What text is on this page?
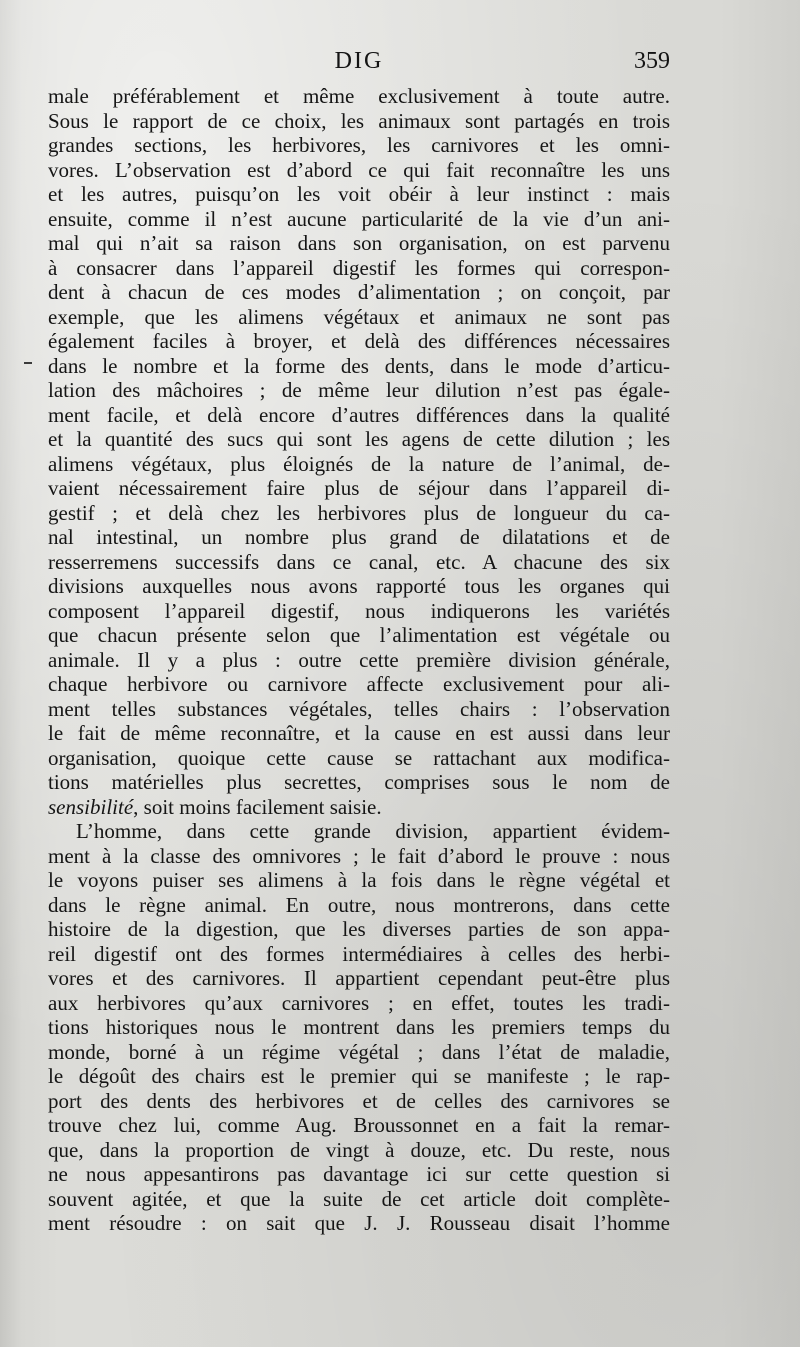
DIG	359
male préférablement et même exclusivement à toute autre.
Sous le rapport de ce choix, les animaux sont partagés en trois
grandes sections, les herbivores, les carnivores et les omni-
vores. L’observation est d’abord ce qui fait reconnaître les uns
et les autres, puisqu’on les voit obéir à leur instinct : mais
ensuite, comme il n’est aucune particularité de la vie d’un ani-
mal qui n’ait sa raison dans son organisation, on est parvenu
à consacrer dans l’appareil digestif les formes qui correspon-
dent à chacun de ces modes d’alimentation ; on conçoit, par
exemple, que les alimens végétaux et animaux ne sont pas
également faciles à broyer, et delà des différences nécessaires
dans le nombre et la forme des dents, dans le mode d’articu-
lation des mâchoires ; de même leur dilution n’est pas égale-
ment facile, et delà encore d’autres différences dans la qualité
et la quantité des sucs qui sont les agens de cette dilution ; les
alimens végétaux, plus éloignés de la nature de l’animal, de-
vaient nécessairement faire plus de séjour dans l’appareil di-
gestif ; et delà chez les herbivores plus de longueur du ca-
nal intestinal, un nombre plus grand de dilatations et de
resserremens successifs dans ce canal, etc. A chacune des six
divisions auxquelles nous avons rapporté tous les organes qui
composent l’appareil digestif, nous indiquerons les variétés
que chacun présente selon que l’alimentation est végétale ou
animale. Il y a plus : outre cette première division générale,
chaque herbivore ou carnivore affecte exclusivement pour ali-
ment telles substances végétales, telles chairs : l’observation
le fait de même reconnaître, et la cause en est aussi dans leur
organisation, quoique cette cause se rattachant aux modifica-
tions matérielles plus secrettes, comprises sous le nom de
sensibilité, soit moins facilement saisie.
L’homme, dans cette grande division, appartient évidem-
ment à la classe des omnivores ; le fait d’abord le prouve : nous
le voyons puiser ses alimens à la fois dans le règne végétal et
dans le règne animal. En outre, nous montrerons, dans cette
histoire de la digestion, que les diverses parties de son appa-
reil digestif ont des formes intermédiaires à celles des herbi-
vores et des carnivores. Il appartient cependant peut-être plus
aux herbivores qu’aux carnivores ; en effet, toutes les tradi-
tions historiques nous le montrent dans les premiers temps du
monde, borné à un régime végétal ; dans l’état de maladie,
le dégoût des chairs est le premier qui se manifeste ; le rap-
port des dents des herbivores et de celles des carnivores se
trouve chez lui, comme Aug. Broussonnet en a fait la remar-
que, dans la proportion de vingt à douze, etc. Du reste, nous
ne nous appesantirons pas davantage ici sur cette question si
souvent agitée, et que la suite de cet article doit complète-
ment résoudre : on sait que J. J. Rousseau disait l’homme
